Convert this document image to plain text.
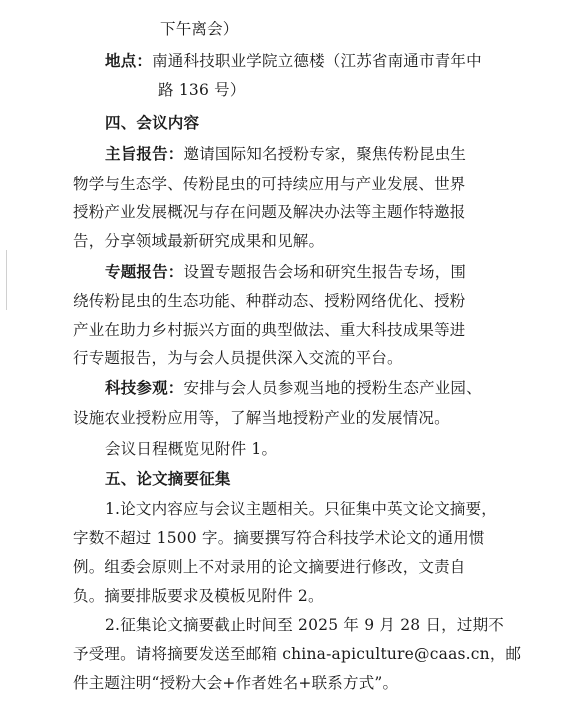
下午离会）
地点：南通科技职业学院立德楼（江苏省南通市青年中
路 136 号）
四、会议内容
主旨报告：邀请国际知名授粉专家，聚焦传粉昆虫生
物学与生态学、传粉昆虫的可持续应用与产业发展、世界
授粉产业发展概况与存在问题及解决办法等主题作特邀报
告，分享领域最新研究成果和见解。
专题报告：设置专题报告会场和研究生报告专场，围
绕传粉昆虫的生态功能、种群动态、授粉网络优化、授粉
产业在助力乡村振兴方面的典型做法、重大科技成果等进
行专题报告，为与会人员提供深入交流的平台。
科技参观：安排与会人员参观当地的授粉生态产业园、
设施农业授粉应用等，了解当地授粉产业的发展情况。
会议日程概览见附件 1。
五、论文摘要征集
1.论文内容应与会议主题相关。只征集中英文论文摘要，
字数不超过 1500 字。摘要撰写符合科技学术论文的通用惯
例。组委会原则上不对录用的论文摘要进行修改，文责自
负。摘要排版要求及模板见附件 2。
2.征集论文摘要截止时间至 2025 年 9 月 28 日，过期不
予受理。请将摘要发送至邮箱 china-apiculture@caas.cn，邮
件主题注明“授粉大会+作者姓名+联系方式”。
